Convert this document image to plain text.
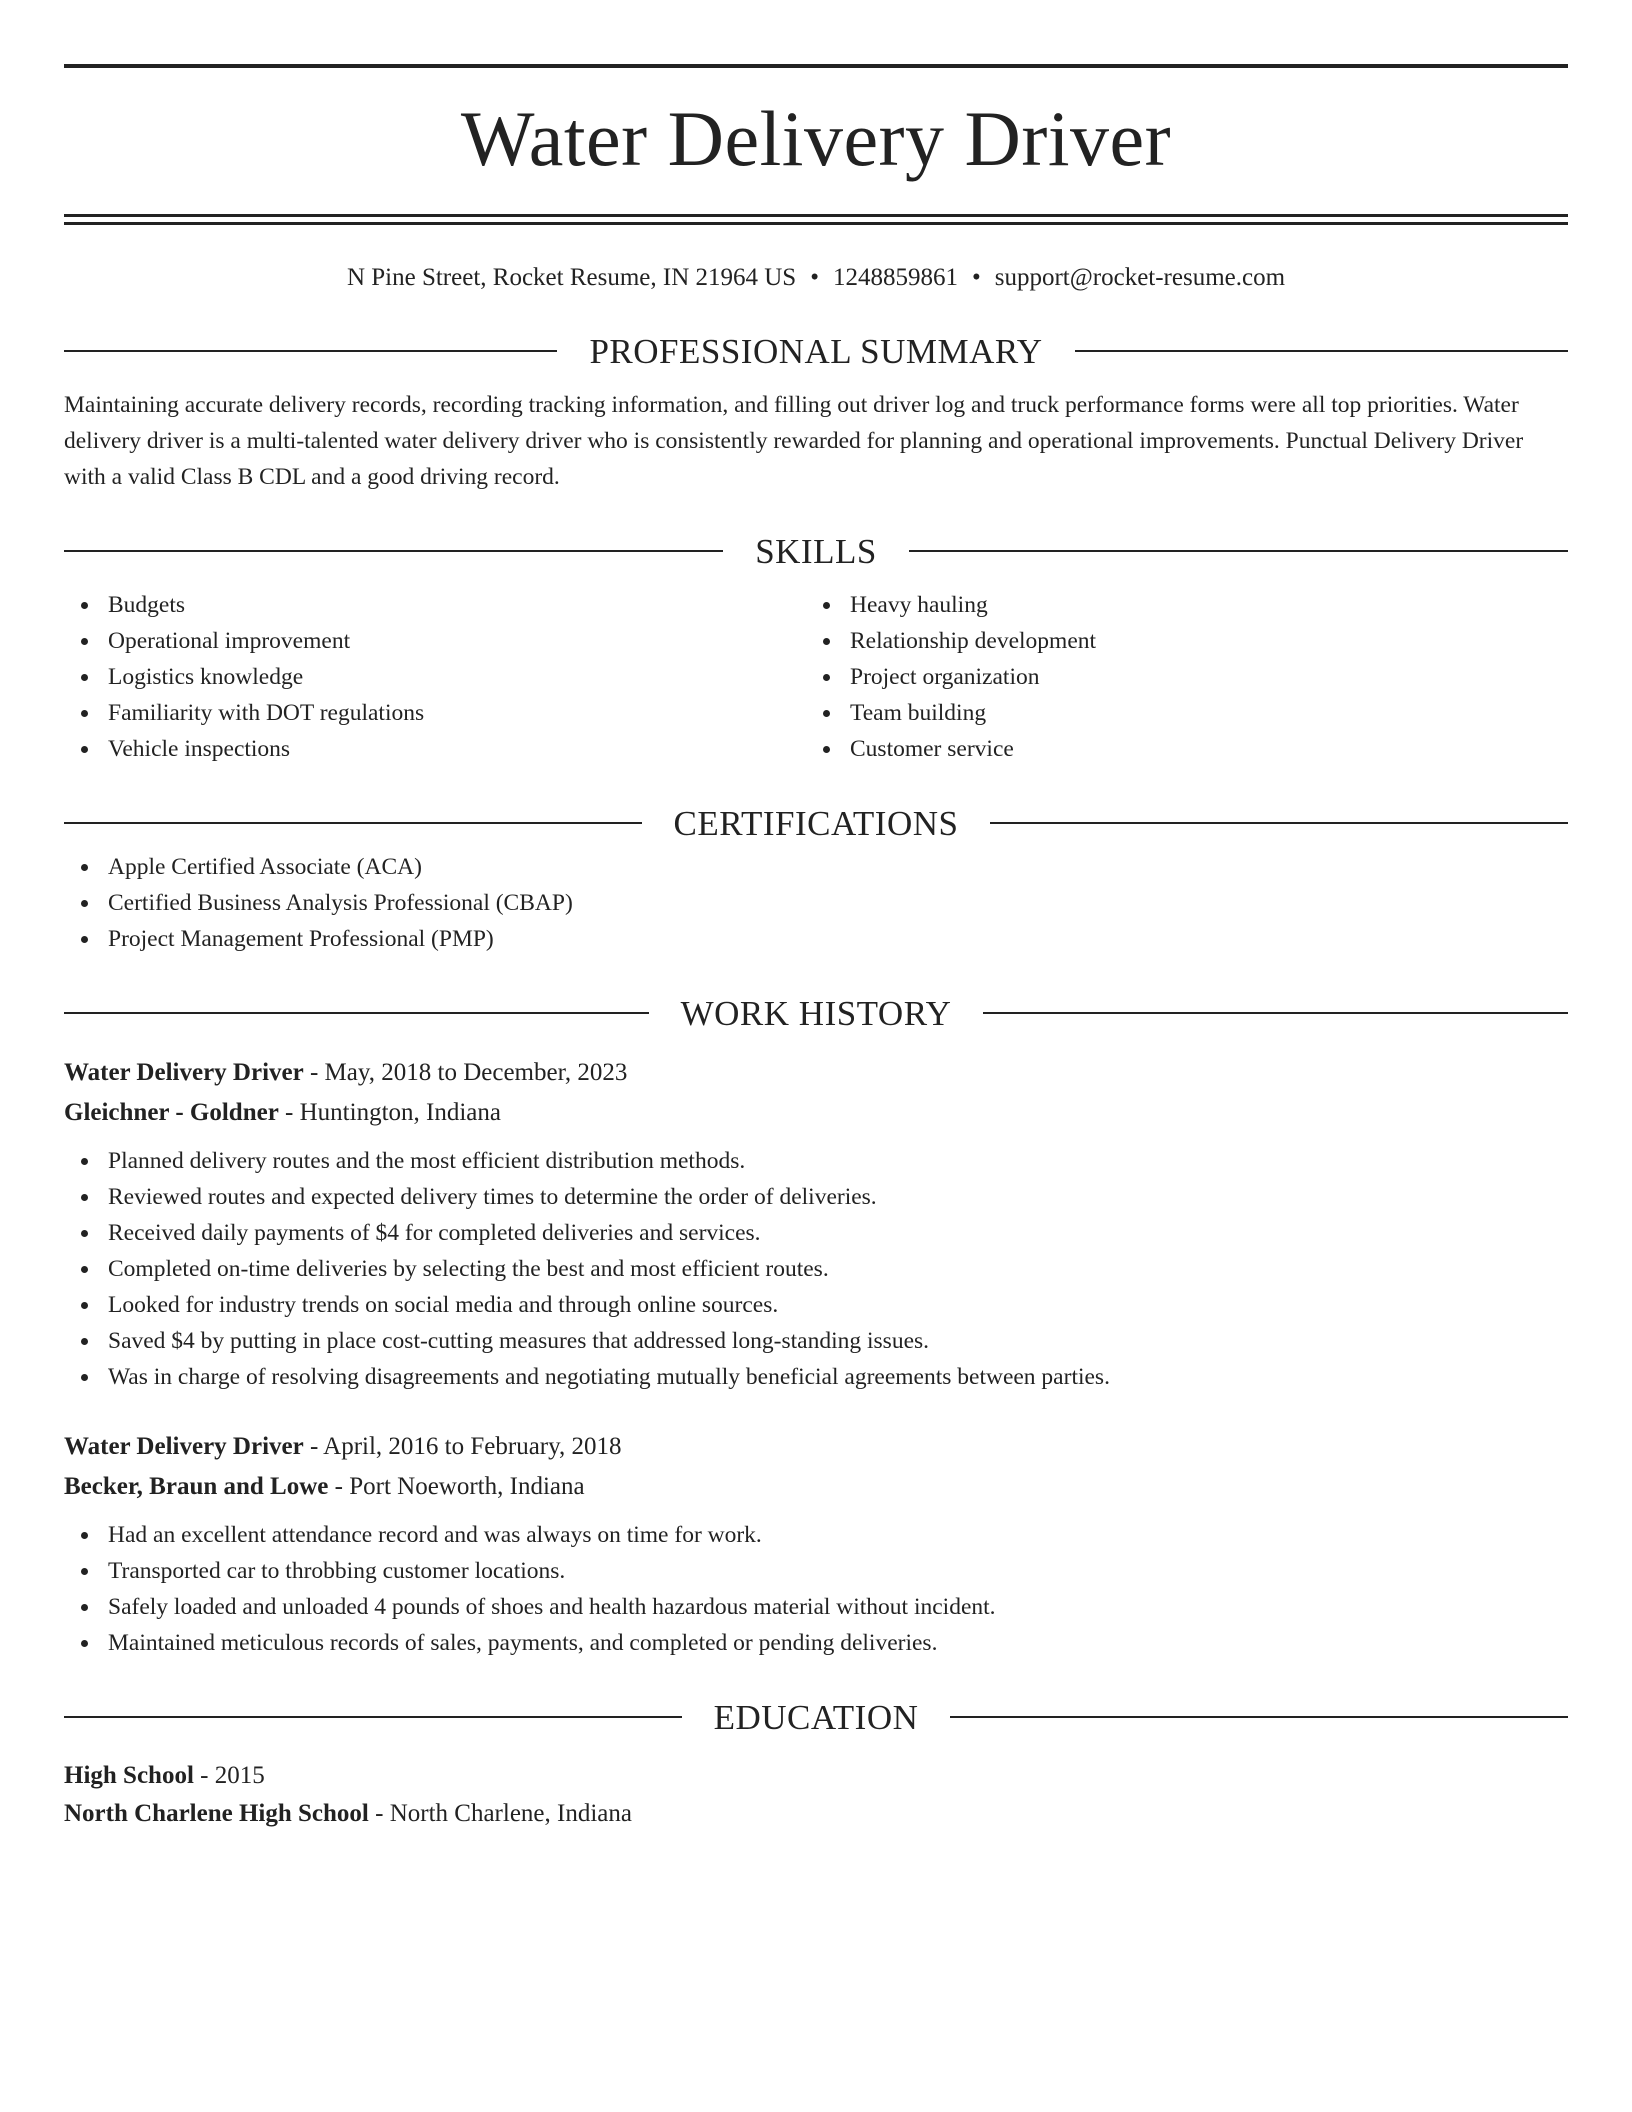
Water Delivery Driver
N Pine Street, Rocket Resume, IN 21964 US • 1248859861 • support@rocket-resume.com
PROFESSIONAL SUMMARY
Maintaining accurate delivery records, recording tracking information, and filling out driver log and truck performance forms were all top priorities. Water delivery driver is a multi-talented water delivery driver who is consistently rewarded for planning and operational improvements. Punctual Delivery Driver with a valid Class B CDL and a good driving record.
SKILLS
Budgets
Operational improvement
Logistics knowledge
Familiarity with DOT regulations
Vehicle inspections
Heavy hauling
Relationship development
Project organization
Team building
Customer service
CERTIFICATIONS
Apple Certified Associate (ACA)
Certified Business Analysis Professional (CBAP)
Project Management Professional (PMP)
WORK HISTORY
Water Delivery Driver - May, 2018 to December, 2023
Gleichner - Goldner - Huntington, Indiana
Planned delivery routes and the most efficient distribution methods.
Reviewed routes and expected delivery times to determine the order of deliveries.
Received daily payments of $4 for completed deliveries and services.
Completed on-time deliveries by selecting the best and most efficient routes.
Looked for industry trends on social media and through online sources.
Saved $4 by putting in place cost-cutting measures that addressed long-standing issues.
Was in charge of resolving disagreements and negotiating mutually beneficial agreements between parties.
Water Delivery Driver - April, 2016 to February, 2018
Becker, Braun and Lowe - Port Noeworth, Indiana
Had an excellent attendance record and was always on time for work.
Transported car to throbbing customer locations.
Safely loaded and unloaded 4 pounds of shoes and health hazardous material without incident.
Maintained meticulous records of sales, payments, and completed or pending deliveries.
EDUCATION
High School - 2015
North Charlene High School - North Charlene, Indiana
